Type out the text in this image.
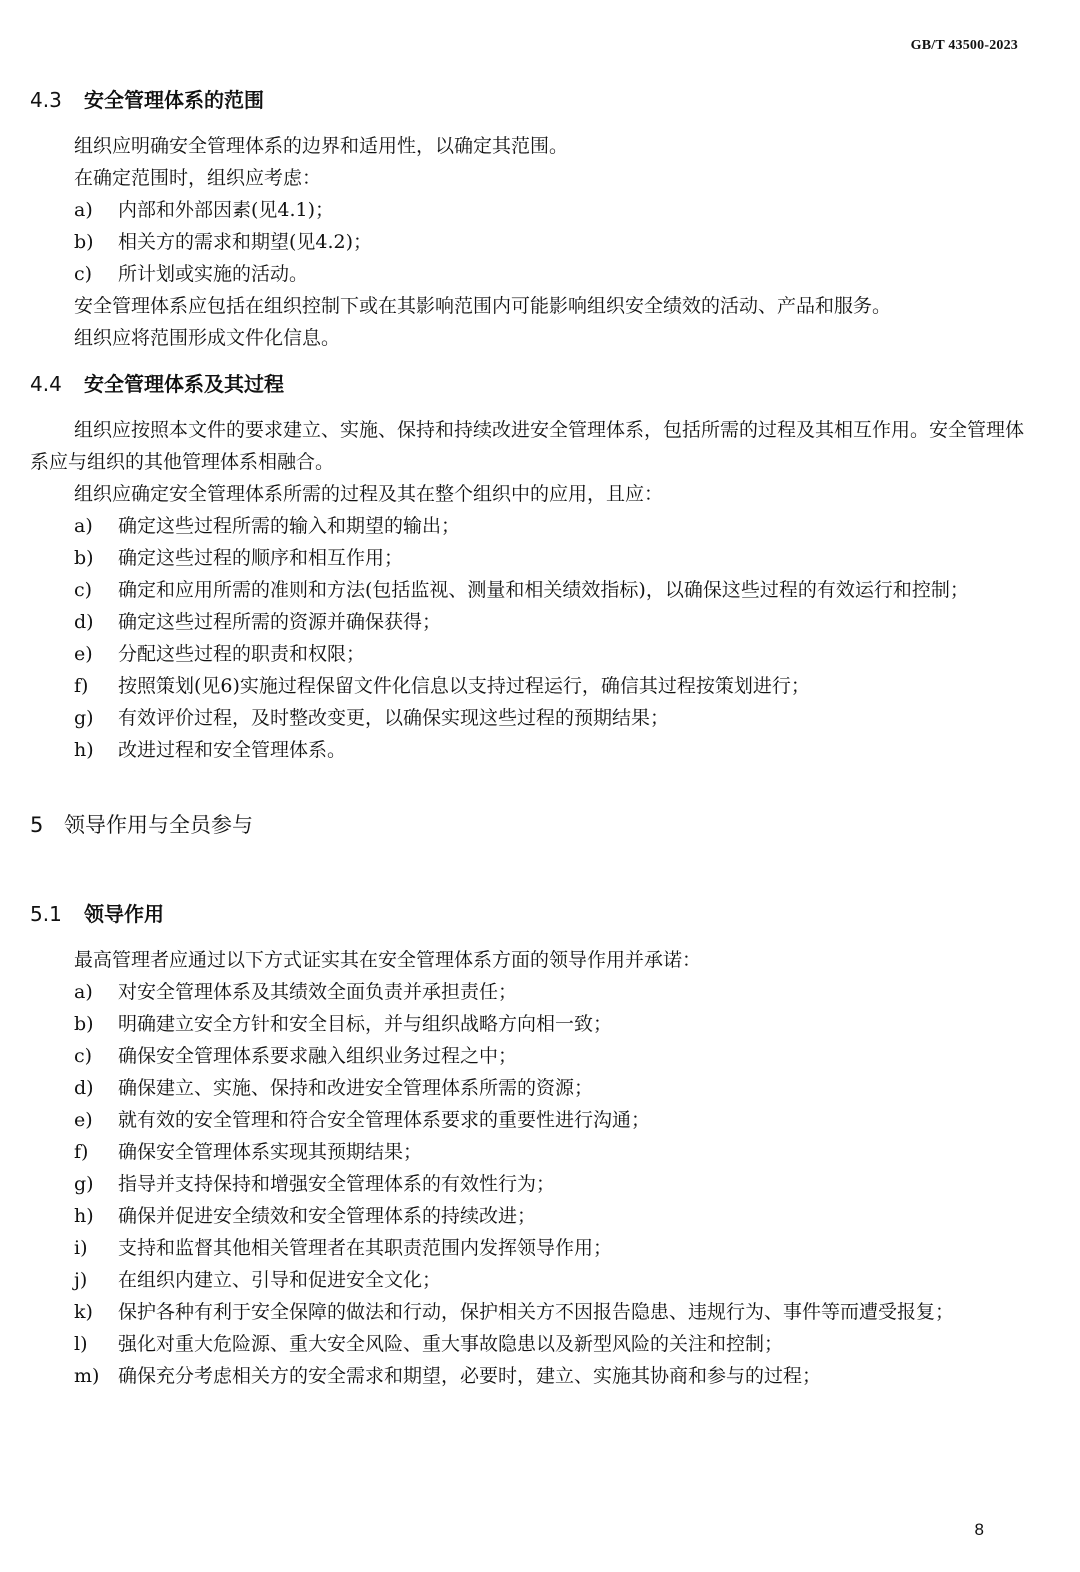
GB/T 43500-2023
4.3 安全管理体系的范围

组织应明确安全管理体系的边界和适用性，以确定其范围。

在确定范围时，组织应考虑：

a)	内部和外部因素(见4.1)；
b)	相关方的需求和期望(见4.2)；
c)	所计划或实施的活动。

安全管理体系应包括在组织控制下或在其影响范围内可能影响组织安全绩效的活动、产品和服务。

组织应将范围形成文件化信息。

4.4 安全管理体系及其过程

组织应按照本文件的要求建立、实施、保持和持续改进安全管理体系，包括所需的过程及其相互作用。安全管理体系应与组织的其他管理体系相融合。

组织应确定安全管理体系所需的过程及其在整个组织中的应用，且应：

a)	确定这些过程所需的输入和期望的输出；
b)	确定这些过程的顺序和相互作用；
c)	确定和应用所需的准则和方法(包括监视、测量和相关绩效指标)，以确保这些过程的有效运行和控制；
d)	确定这些过程所需的资源并确保获得；
e)	分配这些过程的职责和权限；
f)	按照策划(见6)实施过程保留文件化信息以支持过程运行，确信其过程按策划进行；
g)	有效评价过程，及时整改变更，以确保实现这些过程的预期结果；
h)	改进过程和安全管理体系。
5 领导作用与全员参与
5.1 领导作用

最高管理者应通过以下方式证实其在安全管理体系方面的领导作用并承诺：

a)	对安全管理体系及其绩效全面负责并承担责任；
b)	明确建立安全方针和安全目标，并与组织战略方向相一致；
c)	确保安全管理体系要求融入组织业务过程之中；
d)	确保建立、实施、保持和改进安全管理体系所需的资源；
e)	就有效的安全管理和符合安全管理体系要求的重要性进行沟通；
f)	确保安全管理体系实现其预期结果；
g)	指导并支持保持和增强安全管理体系的有效性行为；
h)	确保并促进安全绩效和安全管理体系的持续改进；
i)	支持和监督其他相关管理者在其职责范围内发挥领导作用；
j)	在组织内建立、引导和促进安全文化；
k)	保护各种有利于安全保障的做法和行动，保护相关方不因报告隐患、违规行为、事件等而遭受报复；
l)	强化对重大危险源、重大安全风险、重大事故隐患以及新型风险的关注和控制；
m) 确保充分考虑相关方的安全需求和期望，必要时，建立、实施其协商和参与的过程；
8
